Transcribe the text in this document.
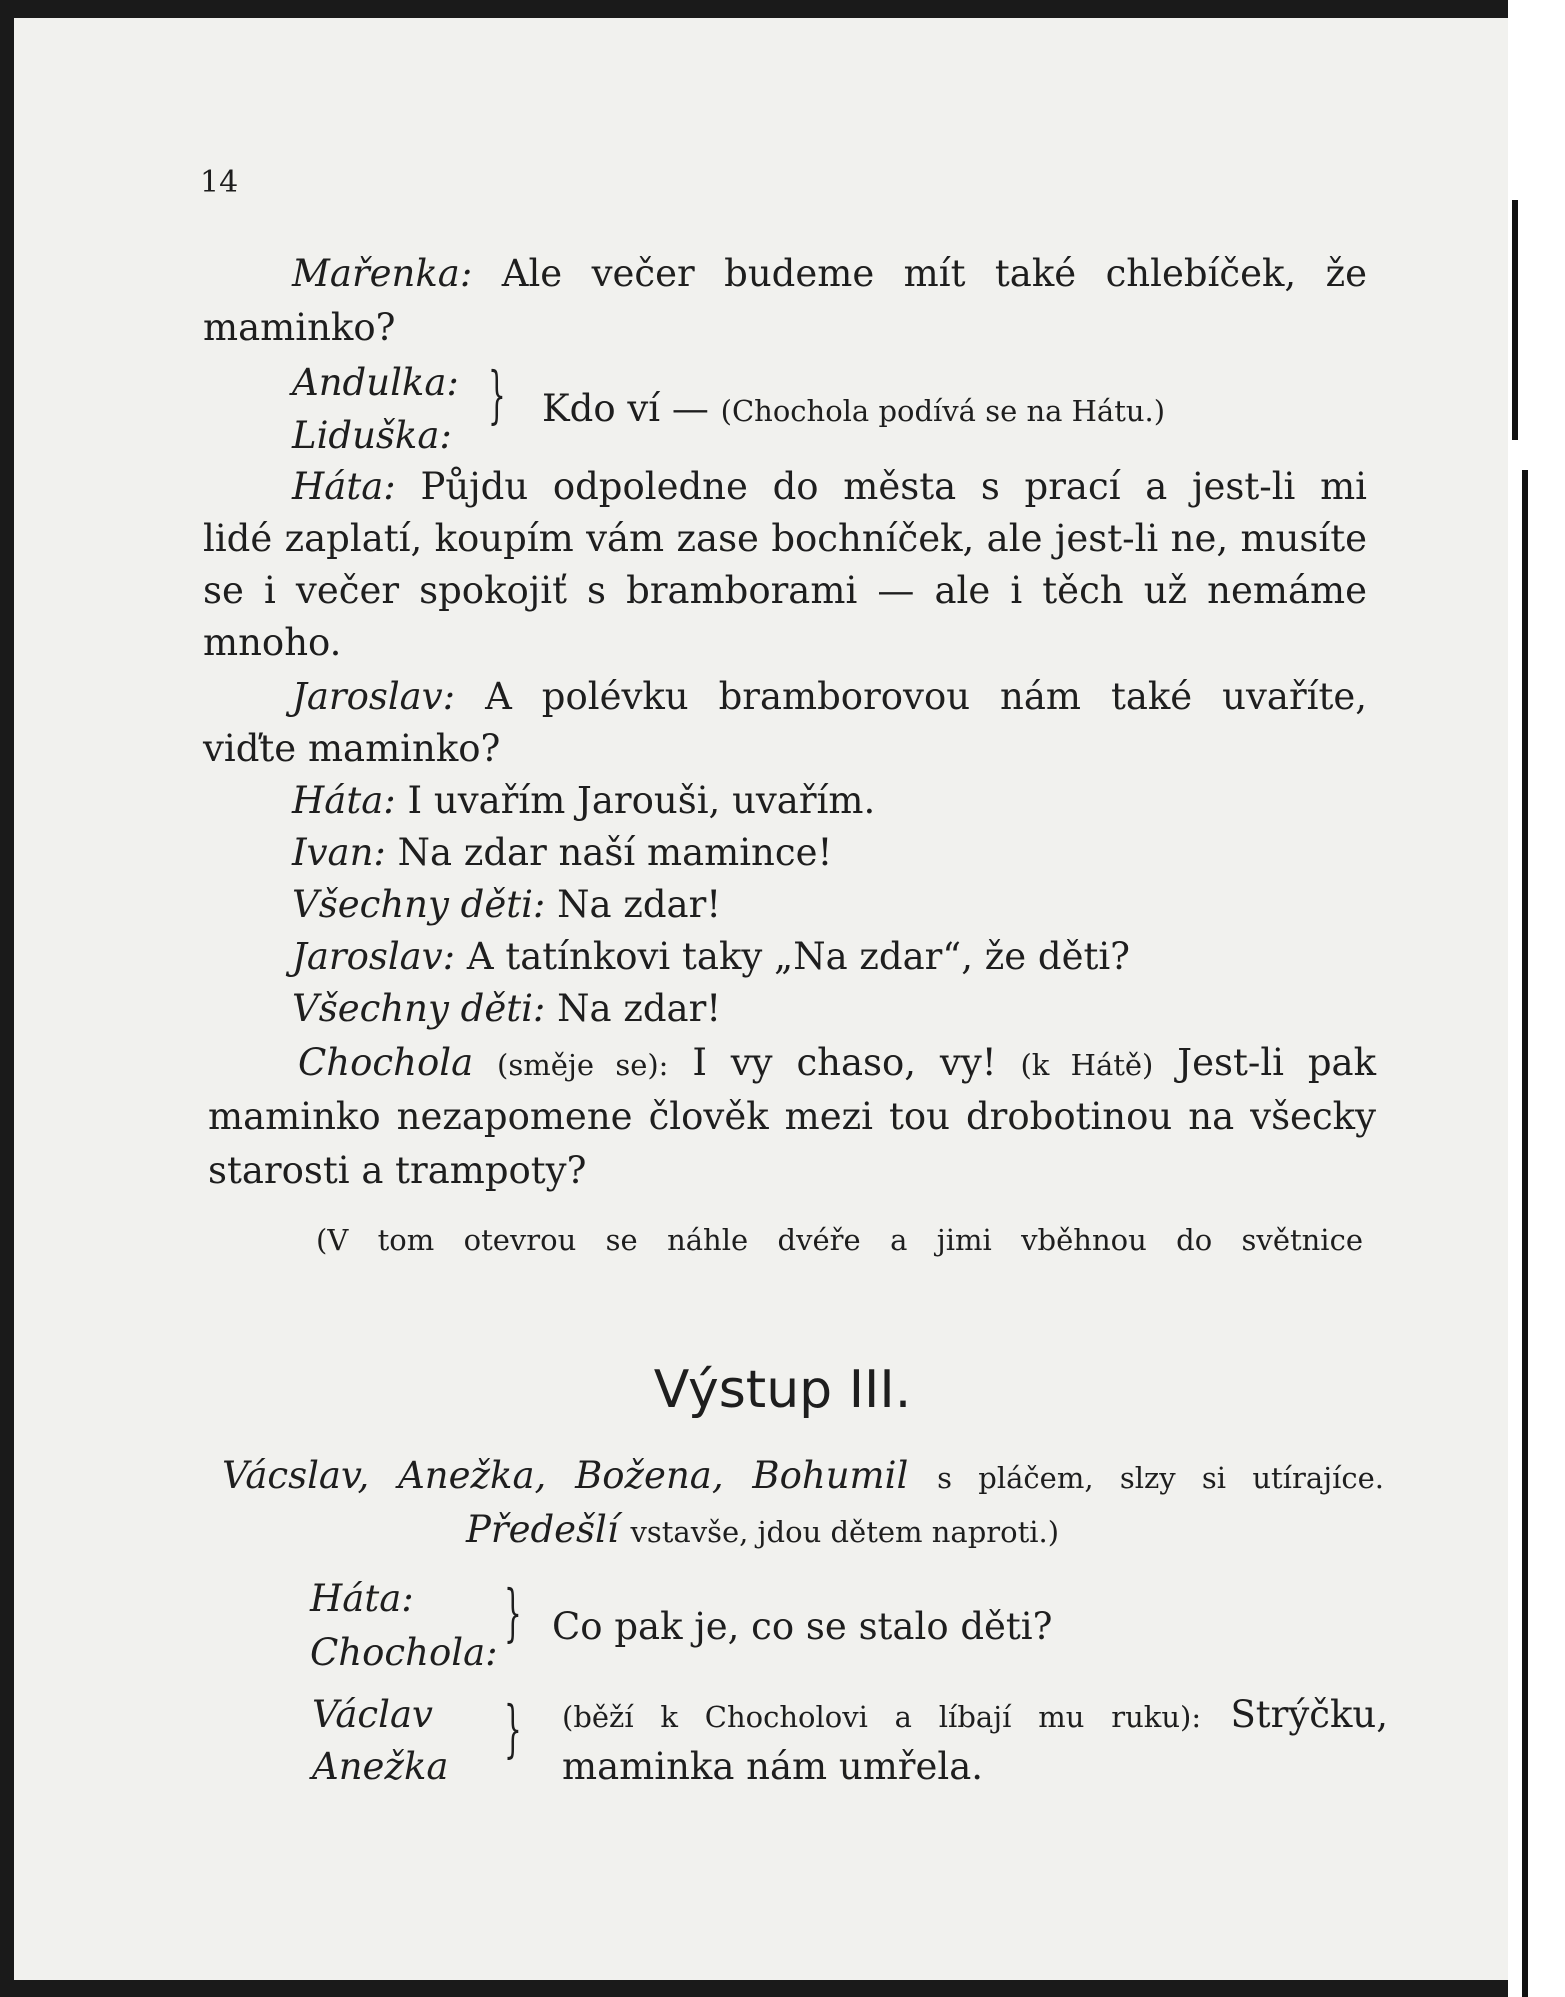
14
Mařenka: Ale večer budeme mít také chlebíček, že
maminko?
Andulka:
Liduška:
} Kdo ví — (Chochola podívá se na Hátu.)
Háta: Půjdu odpoledne do města s prací a jest-li mi
lidé zaplatí, koupím vám zase bochníček, ale jest-li ne, musíte
se i večer spokojiť s bramborami — ale i těch už nemáme
mnoho.
Jaroslav: A polévku bramborovou nám také uvaříte,
viďte maminko?
Háta: I uvařím Jarouši, uvařím.
Ivan: Na zdar naší mamince!
Všechny děti: Na zdar!
Jaroslav: A tatínkovi taky „Na zdar“, že děti?
Všechny děti: Na zdar!
Chochola (směje se): I vy chaso, vy! (k Hátě) Jest-li pak
maminko nezapomene člověk mezi tou drobotinou na všecky
starosti a trampoty?
(V tom otevrou se náhle dvéře a jimi vběhnou do světnice
Výstup III.
Vácslav, Anežka, Božena, Bohumil s pláčem, slzy si utírajíce.
Předešlí vstavše, jdou dětem naproti.)
Háta:
Chochola:
} Co pak je, co se stalo děti?
Václav
Anežka
} (běží k Chocholovi a líbají mu ruku): Strýčku,
maminka nám umřela.
